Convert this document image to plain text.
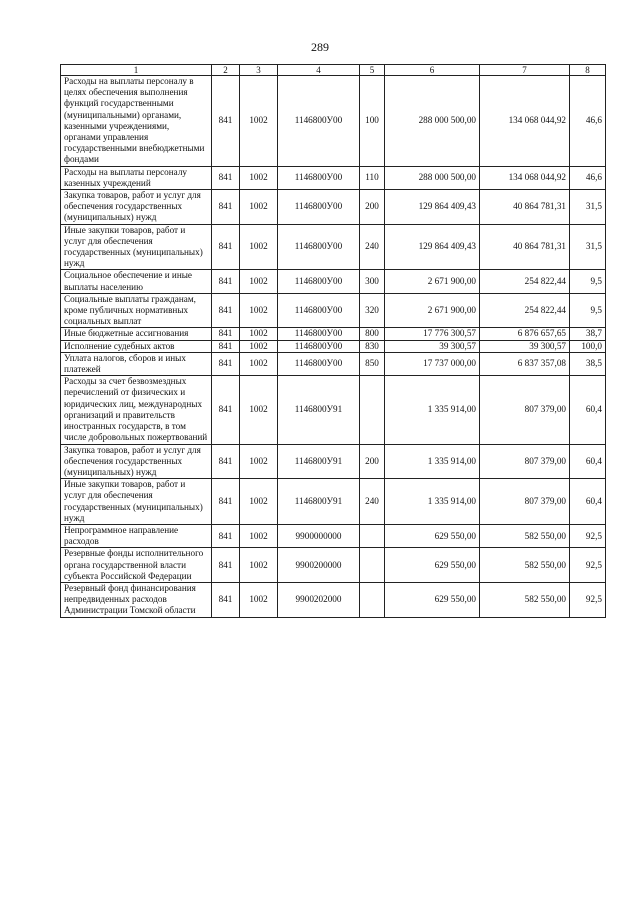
289
1	2	3	4	5	6	7	8
Расходы на выплаты персоналу в целях обеспечения выполнения функций государственными (муниципальными) органами, казенными учреждениями, органами управления государственными внебюджетными фондами	841	1002	1146800У00	100	288 000 500,00	134 068 044,92	46,6
Расходы на выплаты персоналу казенных учреждений	841	1002	1146800У00	110	288 000 500,00	134 068 044,92	46,6
Закупка товаров, работ и услуг для обеспечения государственных (муниципальных) нужд	841	1002	1146800У00	200	129 864 409,43	40 864 781,31	31,5
Иные закупки товаров, работ и услуг для обеспечения государственных (муниципальных) нужд	841	1002	1146800У00	240	129 864 409,43	40 864 781,31	31,5
Социальное обеспечение и иные выплаты населению	841	1002	1146800У00	300	2 671 900,00	254 822,44	9,5
Социальные выплаты гражданам, кроме публичных нормативных социальных выплат	841	1002	1146800У00	320	2 671 900,00	254 822,44	9,5
Иные бюджетные ассигнования	841	1002	1146800У00	800	17 776 300,57	6 876 657,65	38,7
Исполнение судебных актов	841	1002	1146800У00	830	39 300,57	39 300,57	100,0
Уплата налогов, сборов и иных платежей	841	1002	1146800У00	850	17 737 000,00	6 837 357,08	38,5
Расходы за счет безвозмездных перечислений от физических и юридических лиц, международных организаций и правительств иностранных государств, в том числе добровольных пожертвований	841	1002	1146800У91		1 335 914,00	807 379,00	60,4
Закупка товаров, работ и услуг для обеспечения государственных (муниципальных) нужд	841	1002	1146800У91	200	1 335 914,00	807 379,00	60,4
Иные закупки товаров, работ и услуг для обеспечения государственных (муниципальных) нужд	841	1002	1146800У91	240	1 335 914,00	807 379,00	60,4
Непрограммное направление расходов	841	1002	9900000000		629 550,00	582 550,00	92,5
Резервные фонды исполнительного органа государственной власти субъекта Российской Федерации	841	1002	9900200000		629 550,00	582 550,00	92,5
Резервный фонд финансирования непредвиденных расходов Администрации Томской области	841	1002	9900202000		629 550,00	582 550,00	92,5
